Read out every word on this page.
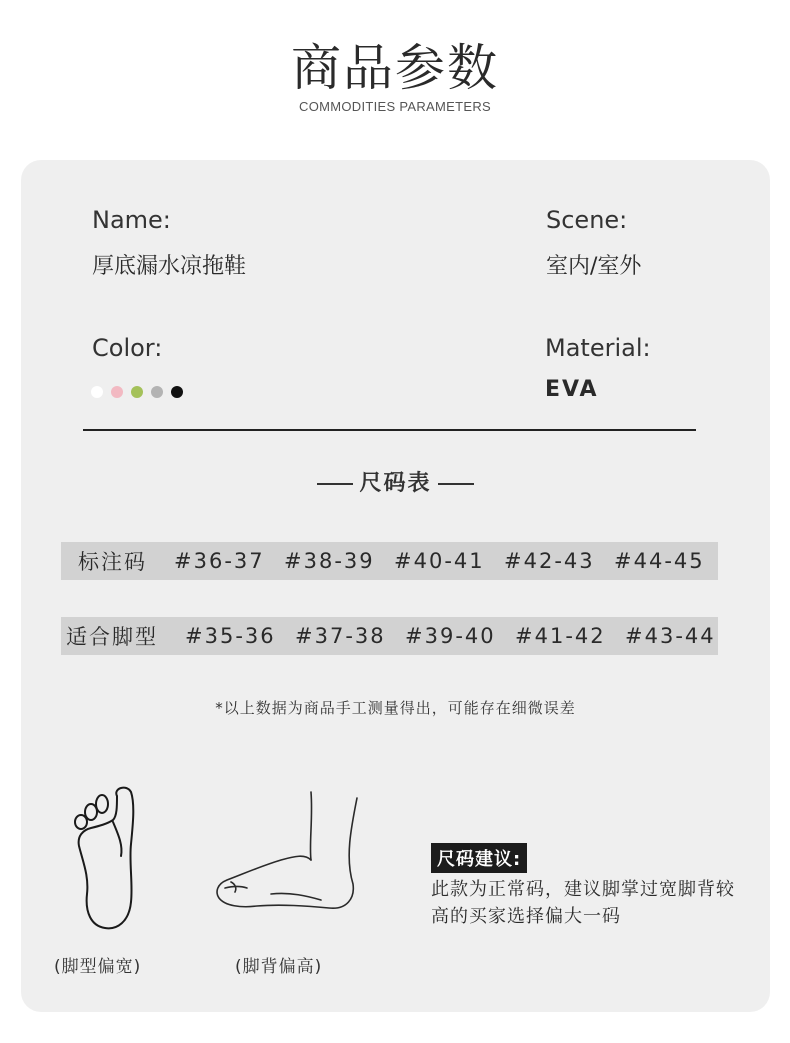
商品参数
COMMODITIES PARAMETERS
Name:
厚底漏水凉拖鞋
Scene:
室内/室外
Color:	Material:
EVA
尺码表
标注码	#36-37 #38-39 #40-41 #42-43 #44-45
适合脚型	#35-36 #37-38 #39-40 #41-42 #43-44
*以上数据为商品手工测量得出，可能存在细微误差
(脚型偏宽)	(脚背偏高)
尺码建议:
此款为正常码，建议脚掌过宽脚背较高的买家选择偏大一码
